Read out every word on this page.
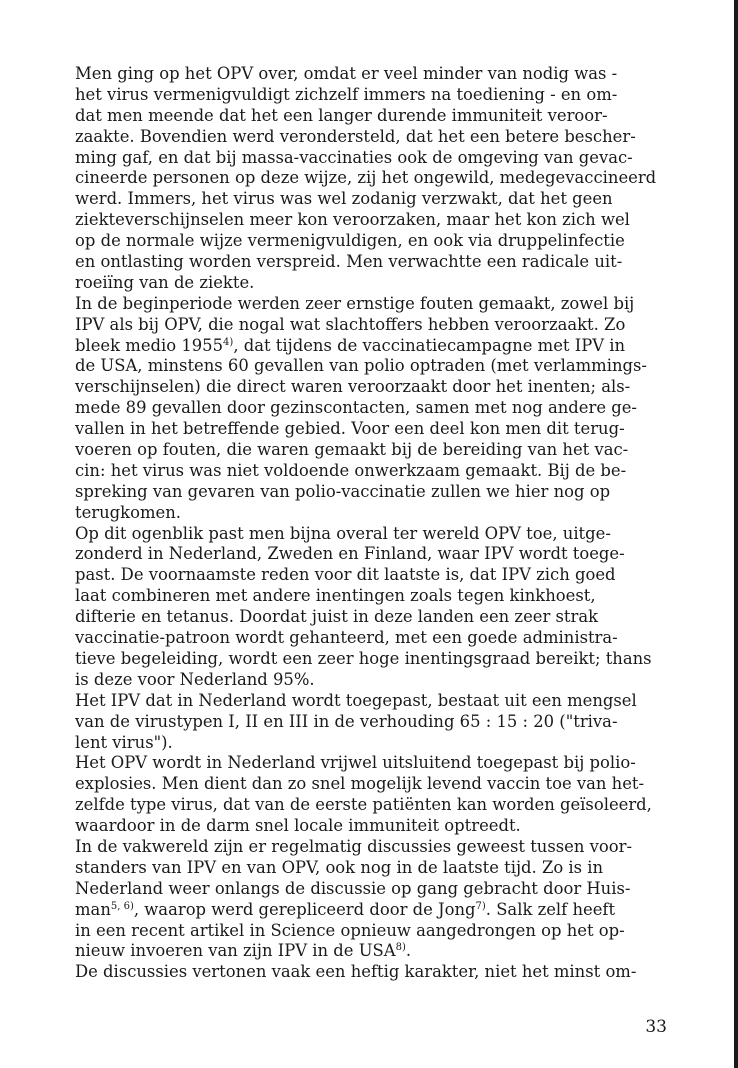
Men ging op het OPV over, omdat er veel minder van nodig was -
het virus vermenigvuldigt zichzelf immers na toediening - en om-
dat men meende dat het een langer durende immuniteit veroor-
zaakte. Bovendien werd verondersteld, dat het een betere bescher-
ming gaf, en dat bij massa-vaccinaties ook de omgeving van gevac-
cineerde personen op deze wijze, zij het ongewild, medegevaccineerd
werd. Immers, het virus was wel zodanig verzwakt, dat het geen
ziekteverschijnselen meer kon veroorzaken, maar het kon zich wel
op de normale wijze vermenigvuldigen, en ook via druppelinfectie
en ontlasting worden verspreid. Men verwachtte een radicale uit-
roeiïng van de ziekte.
In de beginperiode werden zeer ernstige fouten gemaakt, zowel bij
IPV als bij OPV, die nogal wat slachtoffers hebben veroorzaakt. Zo
bleek medio 1955$^{4)}$, dat tijdens de vaccinatiecampagne met IPV in
de USA, minstens 60 gevallen van polio optraden (met verlammings-
verschijnselen) die direct waren veroorzaakt door het inenten; als-
mede 89 gevallen door gezinscontacten, samen met nog andere ge-
vallen in het betreffende gebied. Voor een deel kon men dit terug-
voeren op fouten, die waren gemaakt bij de bereiding van het vac-
cin: het virus was niet voldoende onwerkzaam gemaakt. Bij de be-
spreking van gevaren van polio-vaccinatie zullen we hier nog op
terugkomen.
Op dit ogenblik past men bijna overal ter wereld OPV toe, uitge-
zonderd in Nederland, Zweden en Finland, waar IPV wordt toege-
past. De voornaamste reden voor dit laatste is, dat IPV zich goed
laat combineren met andere inentingen zoals tegen kinkhoest,
difterie en tetanus. Doordat juist in deze landen een zeer strak
vaccinatie-patroon wordt gehanteerd, met een goede administra-
tieve begeleiding, wordt een zeer hoge inentingsgraad bereikt; thans
is deze voor Nederland 95%.
Het IPV dat in Nederland wordt toegepast, bestaat uit een mengsel
van de virustypen I, II en III in de verhouding 65 : 15 : 20 ("triva-
lent virus").
Het OPV wordt in Nederland vrijwel uitsluitend toegepast bij polio-
explosies. Men dient dan zo snel mogelijk levend vaccin toe van het-
zelfde type virus, dat van de eerste patiënten kan worden geïsoleerd,
waardoor in de darm snel locale immuniteit optreedt.
In de vakwereld zijn er regelmatig discussies geweest tussen voor-
standers van IPV en van OPV, ook nog in de laatste tijd. Zo is in
Nederland weer onlangs de discussie op gang gebracht door Huis-
man$^{5, 6)}$, waarop werd gerepliceerd door de Jong$^{7)}$. Salk zelf heeft
in een recent artikel in Science opnieuw aangedrongen op het op-
nieuw invoeren van zijn IPV in de USA$^{8)}$.
De discussies vertonen vaak een heftig karakter, niet het minst om-
33
